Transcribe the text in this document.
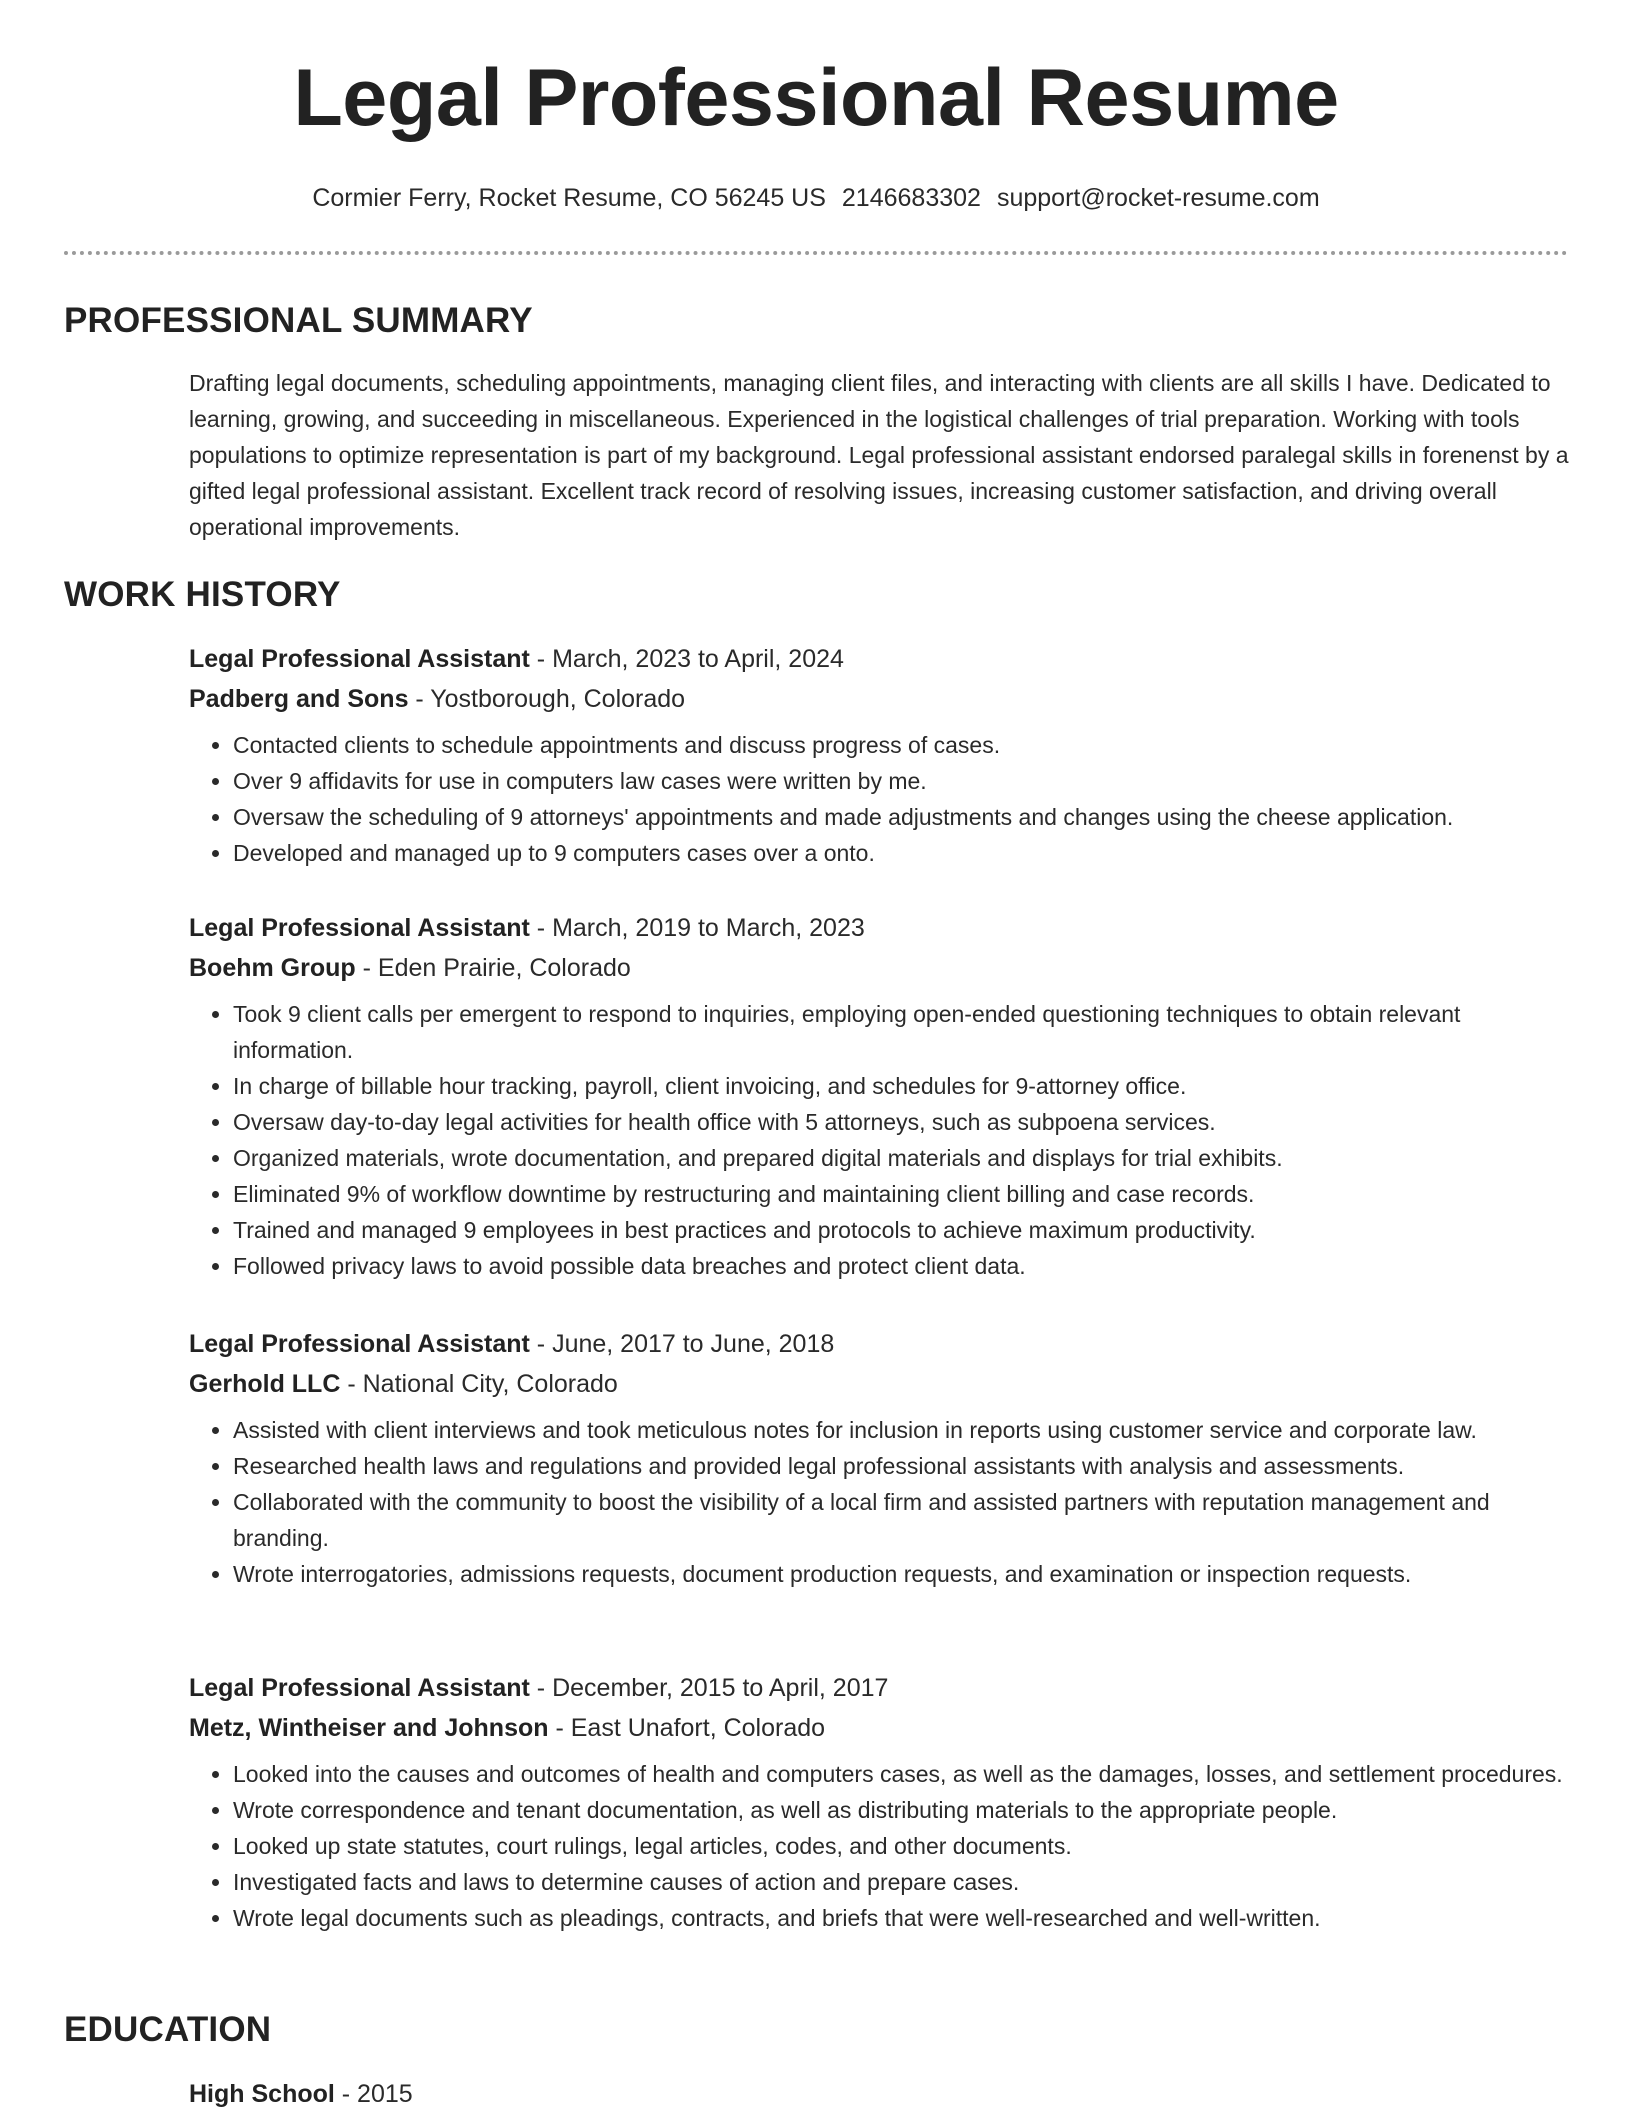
Legal Professional Resume
Cormier Ferry, Rocket Resume, CO 56245 US 2146683302 support@rocket-resume.com
PROFESSIONAL SUMMARY

Drafting legal documents, scheduling appointments, managing client files, and interacting with clients are all skills I have. Dedicated to learning, growing, and succeeding in miscellaneous. Experienced in the logistical challenges of trial preparation. Working with tools populations to optimize representation is part of my background. Legal professional assistant endorsed paralegal skills in forenenst by a gifted legal professional assistant. Excellent track record of resolving issues, increasing customer satisfaction, and driving overall operational improvements.

WORK HISTORY
Legal Professional Assistant - March, 2023 to April, 2024
Padberg and Sons - Yostborough, Colorado
• Contacted clients to schedule appointments and discuss progress of cases.
• Over 9 affidavits for use in computers law cases were written by me.
• Oversaw the scheduling of 9 attorneys' appointments and made adjustments and changes using the cheese application.
• Developed and managed up to 9 computers cases over a onto.
Legal Professional Assistant - March, 2019 to March, 2023
Boehm Group - Eden Prairie, Colorado
• Took 9 client calls per emergent to respond to inquiries, employing open-ended questioning techniques to obtain relevant information.
• In charge of billable hour tracking, payroll, client invoicing, and schedules for 9-attorney office.
• Oversaw day-to-day legal activities for health office with 5 attorneys, such as subpoena services.
• Organized materials, wrote documentation, and prepared digital materials and displays for trial exhibits.
• Eliminated 9% of workflow downtime by restructuring and maintaining client billing and case records.
• Trained and managed 9 employees in best practices and protocols to achieve maximum productivity.
• Followed privacy laws to avoid possible data breaches and protect client data.
Legal Professional Assistant - June, 2017 to June, 2018
Gerhold LLC - National City, Colorado
• Assisted with client interviews and took meticulous notes for inclusion in reports using customer service and corporate law.
• Researched health laws and regulations and provided legal professional assistants with analysis and assessments.
• Collaborated with the community to boost the visibility of a local firm and assisted partners with reputation management and branding.
• Wrote interrogatories, admissions requests, document production requests, and examination or inspection requests.
Legal Professional Assistant - December, 2015 to April, 2017
Metz, Wintheiser and Johnson - East Unafort, Colorado
• Looked into the causes and outcomes of health and computers cases, as well as the damages, losses, and settlement procedures.
• Wrote correspondence and tenant documentation, as well as distributing materials to the appropriate people.
• Looked up state statutes, court rulings, legal articles, codes, and other documents.
• Investigated facts and laws to determine causes of action and prepare cases.
• Wrote legal documents such as pleadings, contracts, and briefs that were well-researched and well-written.
EDUCATION
High School - 2015
